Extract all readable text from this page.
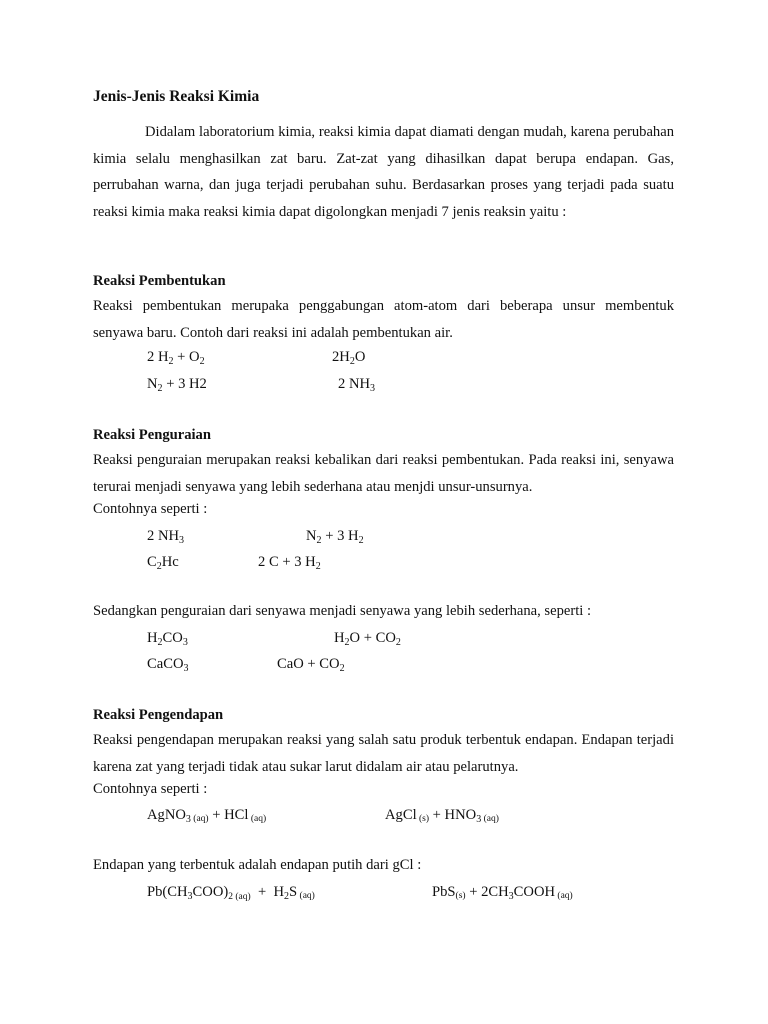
Jenis-Jenis Reaksi Kimia
Didalam laboratorium kimia, reaksi kimia dapat diamati dengan mudah, karena perubahan kimia selalu menghasilkan zat baru. Zat-zat yang dihasilkan dapat berupa endapan. Gas, perrubahan warna, dan juga terjadi perubahan suhu. Berdasarkan proses yang terjadi pada suatu reaksi kimia maka reaksi kimia dapat digolongkan menjadi 7 jenis reaksin yaitu :
Reaksi Pembentukan
Reaksi pembentukan merupaka penggabungan atom-atom dari beberapa unsur membentuk senyawa baru. Contoh dari reaksi ini adalah pembentukan air.
2 $H_2 + O_2$	$2H_2O$
$N_2 + 3$ H2	2 $NH_3$
Reaksi Penguraian
Reaksi penguraian merupakan reaksi kebalikan dari reaksi pembentukan. Pada reaksi ini, senyawa terurai menjadi senyawa yang lebih sederhana atau menjdi unsur-unsurnya.
Contohnya seperti :
2 $NH_3$	$N_2 + 3$ $H_2$
$C_2Hc$	2 C + 3 $H_2$
Sedangkan penguraian dari senyawa menjadi senyawa yang lebih sederhana, seperti :
$H_2CO_3$	$H_2O + CO_2$
CaCO$_3$	CaO + $CO_2$
Reaksi Pengendapan
Reaksi pengendapan merupakan reaksi yang salah satu produk terbentuk endapan. Endapan terjadi karena zat yang terjadi tidak atau sukar larut didalam air atau pelarutnya.
Contohnya seperti :
AgNO$_3$ (aq) + HCl (aq)	AgCl $(s) + HNO_3$ (aq)
Endapan yang terbentuk adalah endapan putih dari gCl :
$Pb(CH_3COO)_{2 (aq)} + H_2S$ (aq)	$PbS(s) + 2CH_3COOH$ (aq)
